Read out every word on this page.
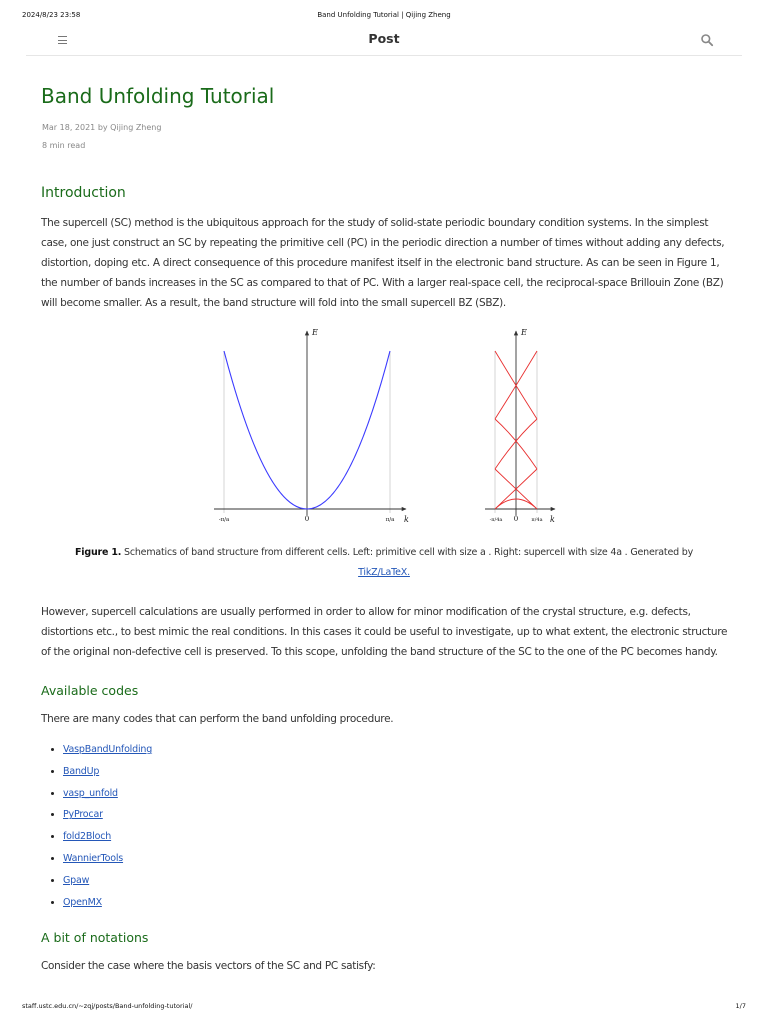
2024/8/23 23:58	Band Unfolding Tutorial | Qijing Zheng
Post
Band Unfolding Tutorial
Mar 18, 2021 by Qijing Zheng
8 min read
Introduction

The supercell (SC) method is the ubiquitous approach for the study of solid-state periodic boundary condition systems. In the simplest case, one just construct an SC by repeating the primitive cell (PC) in the periodic direction a number of times without adding any defects, distortion, doping etc. A direct consequence of this procedure manifest itself in the electronic band structure. As can be seen in Figure 1, the number of bands increases in the SC as compared to that of PC. With a larger real-space cell, the reciprocal-space Brillouin Zone (BZ) will become smaller. As a result, the band structure will fold into the small supercell BZ (SBZ).

E
k
-π/a	0	π/a
E
k
-π/4a 0	π/4a

Figure 1. Schematics of band structure from different cells. Left: primitive cell with size a . Right: supercell with size 4a . Generated by
TikZ/LaTeX.

However, supercell calculations are usually performed in order to allow for minor modification of the crystal structure, e.g. defects, distortions etc., to best mimic the real conditions. In this cases it could be useful to investigate, up to what extent, the electronic structure of the original non-defective cell is preserved. To this scope, unfolding the band structure of the SC to the one of the PC becomes handy.

Available codes

There are many codes that can perform the band unfolding procedure.

• VaspBandUnfolding
• BandUp
• vasp_unfold
• PyProcar
• fold2Bloch
• WannierTools
• Gpaw
• OpenMX
A bit of notations

Consider the case where the basis vectors of the SC and PC satisfy:

staff.ustc.edu.cn/~zqj/posts/Band-unfolding-tutorial/	1/7
